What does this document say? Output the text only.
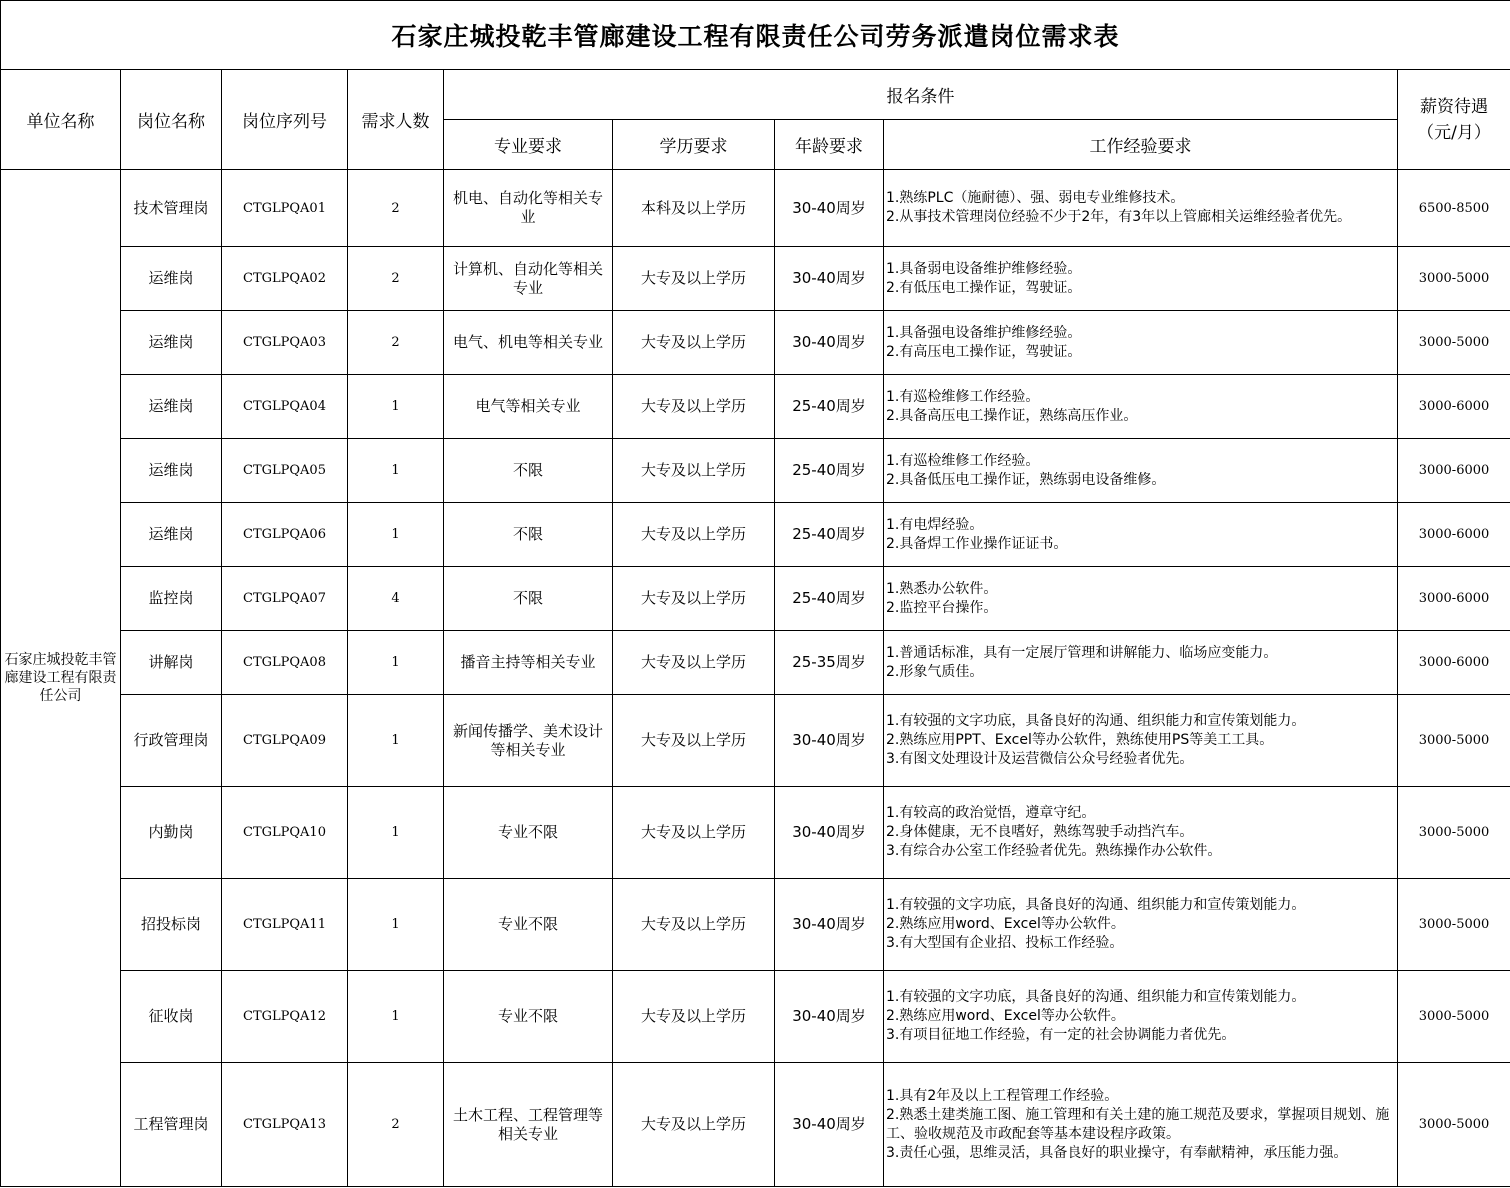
石家庄城投乾丰管廊建设工程有限责任公司劳务派遣岗位需求表								
单位名称	岗位名称	岗位序列号	需求人数	报名条件				薪资待遇
（元/月）

				专业要求	学历要求	年龄要求	工作经验要求	
石家庄城投乾丰管廊建设工程有限责任公司	技术管理岗	CTGLPQA01	2	机电、自动化等相关专业	本科及以上学历	30-40周岁	1.熟练PLC（施耐德）、强、弱电专业维修技术。
2.从事技术管理岗位经验不少于2年，有3年以上管廊相关运维经验者优先。	6500-8500
	运维岗	CTGLPQA02	2	计算机、自动化等相关专业	大专及以上学历	30-40周岁	1.具备弱电设备维护维修经验。
2.有低压电工操作证，驾驶证。	3000-5000
	运维岗	CTGLPQA03	2	电气、机电等相关专业	大专及以上学历	30-40周岁	1.具备强电设备维护维修经验。
2.有高压电工操作证，驾驶证。	3000-5000
	运维岗	CTGLPQA04	1	电气等相关专业	大专及以上学历	25-40周岁	1.有巡检维修工作经验。
2.具备高压电工操作证，熟练高压作业。	3000-6000
	运维岗	CTGLPQA05	1	不限	大专及以上学历	25-40周岁	1.有巡检维修工作经验。
2.具备低压电工操作证，熟练弱电设备维修。	3000-6000
	运维岗	CTGLPQA06	1	不限	大专及以上学历	25-40周岁	1.有电焊经验。
2.具备焊工作业操作证证书。	3000-6000
	监控岗	CTGLPQA07	4	不限	大专及以上学历	25-40周岁	1.熟悉办公软件。
2.监控平台操作。	3000-6000
	讲解岗	CTGLPQA08	1	播音主持等相关专业	大专及以上学历	25-35周岁	1.普通话标准，具有一定展厅管理和讲解能力、临场应变能力。
2.形象气质佳。	3000-6000
	行政管理岗	CTGLPQA09	1	新闻传播学、美术设计等相关专业	大专及以上学历	30-40周岁	1.有较强的文字功底，具备良好的沟通、组织能力和宣传策划能力。
2.熟练应用PPT、Excel等办公软件，熟练使用PS等美工工具。
3.有图文处理设计及运营微信公众号经验者优先。	3000-5000
	内勤岗	CTGLPQA10	1	专业不限	大专及以上学历	30-40周岁	1.有较高的政治觉悟，遵章守纪。
2.身体健康，无不良嗜好，熟练驾驶手动挡汽车。
3.有综合办公室工作经验者优先。熟练操作办公软件。	3000-5000
	招投标岗	CTGLPQA11	1	专业不限	大专及以上学历	30-40周岁	1.有较强的文字功底，具备良好的沟通、组织能力和宣传策划能力。
2.熟练应用word、Excel等办公软件。
3.有大型国有企业招、投标工作经验。	3000-5000
	征收岗	CTGLPQA12	1	专业不限	大专及以上学历	30-40周岁	1.有较强的文字功底，具备良好的沟通、组织能力和宣传策划能力。
2.熟练应用word、Excel等办公软件。
3.有项目征地工作经验，有一定的社会协调能力者优先。	3000-5000
	工程管理岗	CTGLPQA13	2	土木工程、工程管理等相关专业	大专及以上学历	30-40周岁	1.具有2年及以上工程管理工作经验。
2.熟悉土建类施工图、施工管理和有关土建的施工规范及要求，掌握项目规划、施工、验收规范及市政配套等基本建设程序政策。
3.责任心强，思维灵活，具备良好的职业操守，有奉献精神，承压能力强。	3000-5000
